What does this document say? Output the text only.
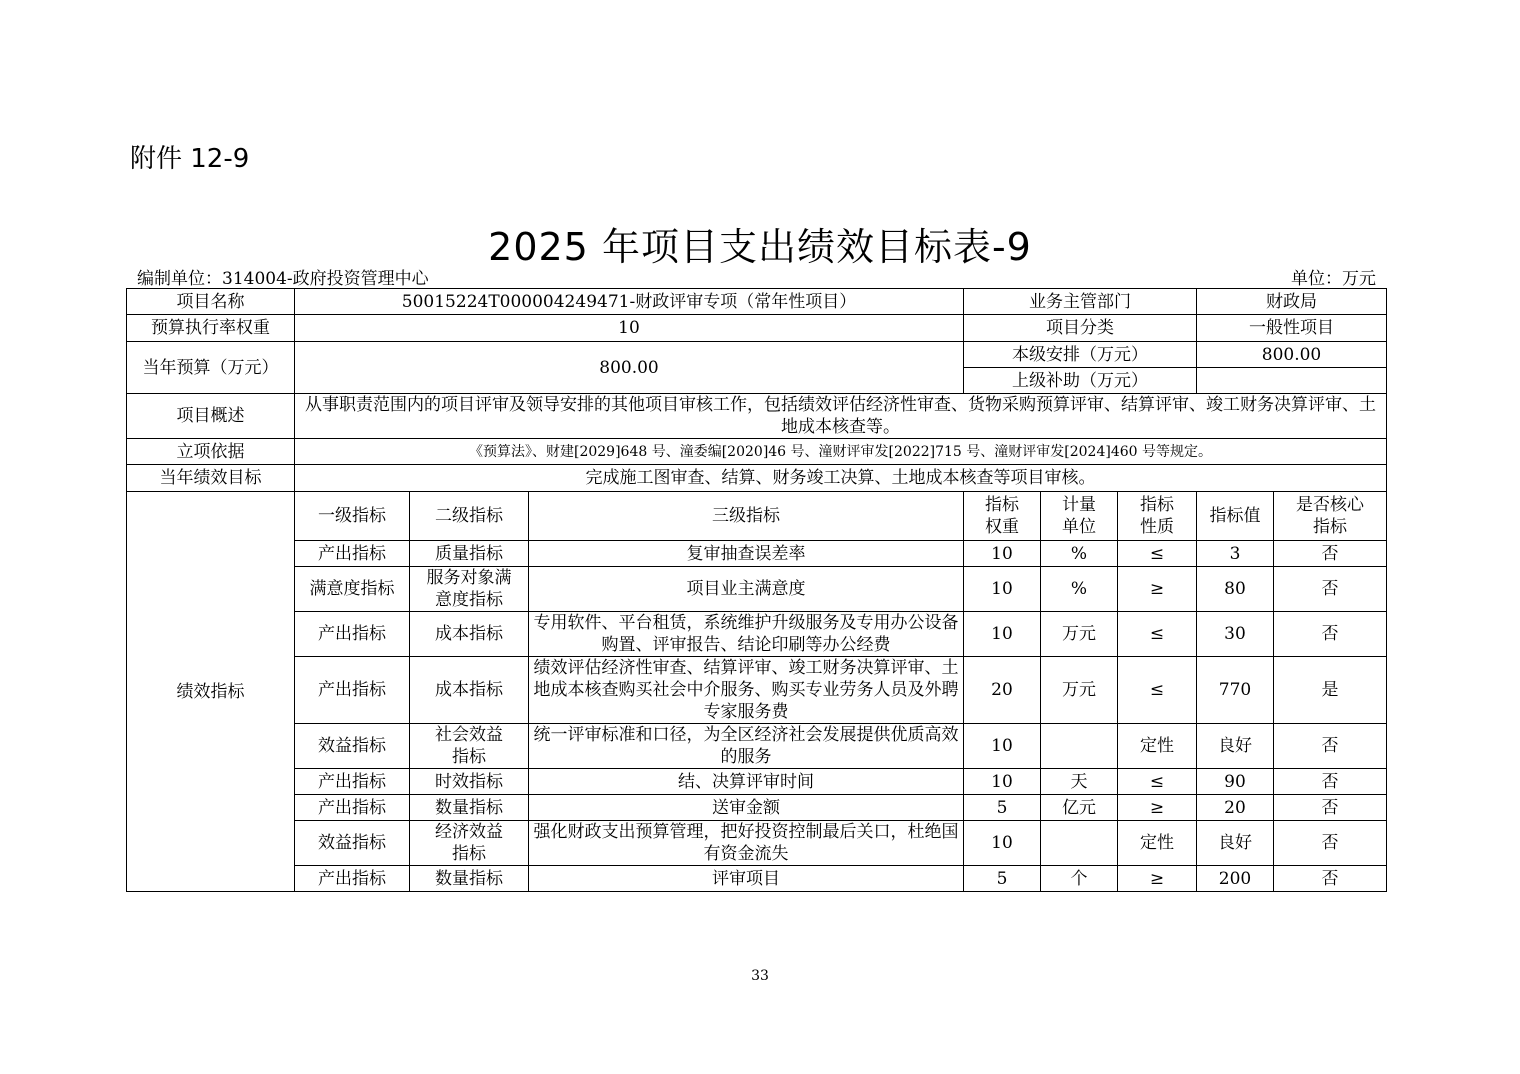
附件 12-9
2025 年项目支出绩效目标表-9
编制单位：314004-政府投资管理中心	单位：万元
项目名称	50015224T000004249471-财政评审专项（常年性项目）			业务主管部门			财政局	
预算执行率权重	10			项目分类			一般性项目	
当年预算（万元）	800.00			本级安排（万元）			800.00	
				上级补助（万元）				
项目概述	从事职责范围内的项目评审及领导安排的其他项目审核工作，包括绩效评估经济性审查、货物采购预算评审、结算评审、竣工财务决算评审、土地成本核查等。							
立项依据	《预算法》、财建[2029]648 号、潼委编[2020]46 号、潼财评审发[2022]715 号、潼财评审发[2024]460 号等规定。							
当年绩效目标	完成施工图审查、结算、财务竣工决算、土地成本核查等项目审核。							
绩效指标	一级指标	二级指标	三级指标	指标权重	计量单位	指标性质	指标值	是否核心指标
	产出指标	质量指标	复审抽查误差率	10	%	≤	3	否
	满意度指标	服务对象满意度指标	项目业主满意度	10	%	≥	80	否
	产出指标	成本指标	专用软件、平台租赁，系统维护升级服务及专用办公设备购置、评审报告、结论印刷等办公经费	10	万元	≤	30	否
	产出指标	成本指标	绩效评估经济性审查、结算评审、竣工财务决算评审、土地成本核查购买社会中介服务、购买专业劳务人员及外聘专家服务费	20	万元	≤	770	是
	效益指标	社会效益指标	统一评审标准和口径，为全区经济社会发展提供优质高效的服务	10		定性	良好	否
	产出指标	时效指标	结、决算评审时间	10	天	≤	90	否
	产出指标	数量指标	送审金额	5	亿元	≥	20	否
	效益指标	经济效益指标	强化财政支出预算管理，把好投资控制最后关口，杜绝国有资金流失	10		定性	良好	否
	产出指标	数量指标	评审项目	5	个	≥	200	否
33
